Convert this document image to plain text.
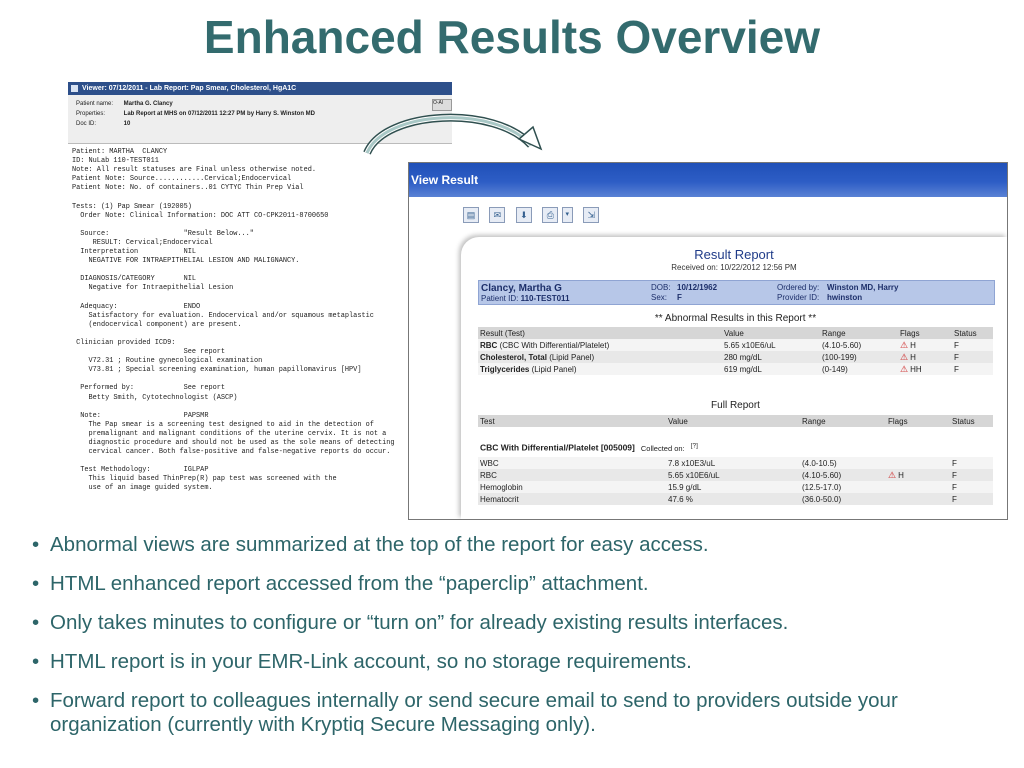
Enhanced Results Overview
Viewer: 07/12/2011 - Lab Report: Pap Smear, Cholesterol, HgA1C
Patient name: Martha G. Clancy
Properties:	Lab Report at MHS on 07/12/2011 12:27 PM by Harry S. Winston MD
Doc ID:	10
O-Al
Patient: MARTHA  CLANCY
ID: NuLab 110-TEST011
Note: All result statuses are Final unless otherwise noted.
Patient Note: Source............Cervical;Endocervical
Patient Note: No. of containers..01 CYTYC Thin Prep Vial

Tests: (1) Pap Smear (192005)
Order Note: Clinical Information: DOC ATT CO-CPK2011-8700650

Source:                  "Result Below..."
RESULT: Cervical;Endocervical
Interpretation           NIL
NEGATIVE FOR INTRAEPITHELIAL LESION AND MALIGNANCY.

DIAGNOSIS/CATEGORY       NIL
Negative for Intraepithelial Lesion

Adequacy:                ENDO
Satisfactory for evaluation. Endocervical and/or squamous metaplastic
(endocervical component) are present.

Clinician provided ICD9:
See report
V72.31 ; Routine gynecological examination
V73.81 ; Special screening examination, human papillomavirus [HPV]

Performed by:            See report
Betty Smith, Cytotechnologist (ASCP)

Note:                    PAPSMR
The Pap smear is a screening test designed to aid in the detection of
premalignant and malignant conditions of the uterine cervix. It is not a
diagnostic procedure and should not be used as the sole means of detecting
cervical cancer. Both false-positive and false-negative reports do occur.

Test Methodology:        IGLPAP
This liquid based ThinPrep(R) pap test was screened with the
use of an image guided system.
View Result
▤ ✉ ⬇ ⎙ ▾ ⇲
Result Report
Received on: 10/22/2012 12:56 PM
Clancy, Martha G
Patient ID: 110-TEST011
DOB: 10/12/1962
Sex: F
Ordered by: Winston MD, Harry
Provider ID: hwinston
** Abnormal Results in this Report **
Result (Test)	Value	Range	Flags	Status
RBC (CBC With Differential/Platelet)	5.65 x10E6/uL	(4.10-5.60)	⚠ H	F
Cholesterol, Total (Lipid Panel)	280 mg/dL	(100-199)	⚠ H	F
Triglycerides (Lipid Panel)	619 mg/dL	(0-149)	⚠ HH	F
Full Report
Test	Value	Range	Flags	Status
CBC With Differential/Platelet [005009] Collected on: [?]
WBC	7.8 x10E3/uL	(4.0-10.5)		F
RBC	5.65 x10E6/uL	(4.10-5.60)	⚠ H	F
Hemoglobin	15.9 g/dL	(12.5-17.0)		F
Hematocrit	47.6 %	(36.0-50.0)		F
• Abnormal views are summarized at the top of the report for easy access.
• HTML enhanced report accessed from the “paperclip” attachment.
• Only takes minutes to configure or “turn on” for already existing results interfaces.
• HTML report is in your EMR-Link account, so no storage requirements.
• Forward report to colleagues internally or send secure email to send to providers outside your organization (currently with Kryptiq Secure Messaging only).
